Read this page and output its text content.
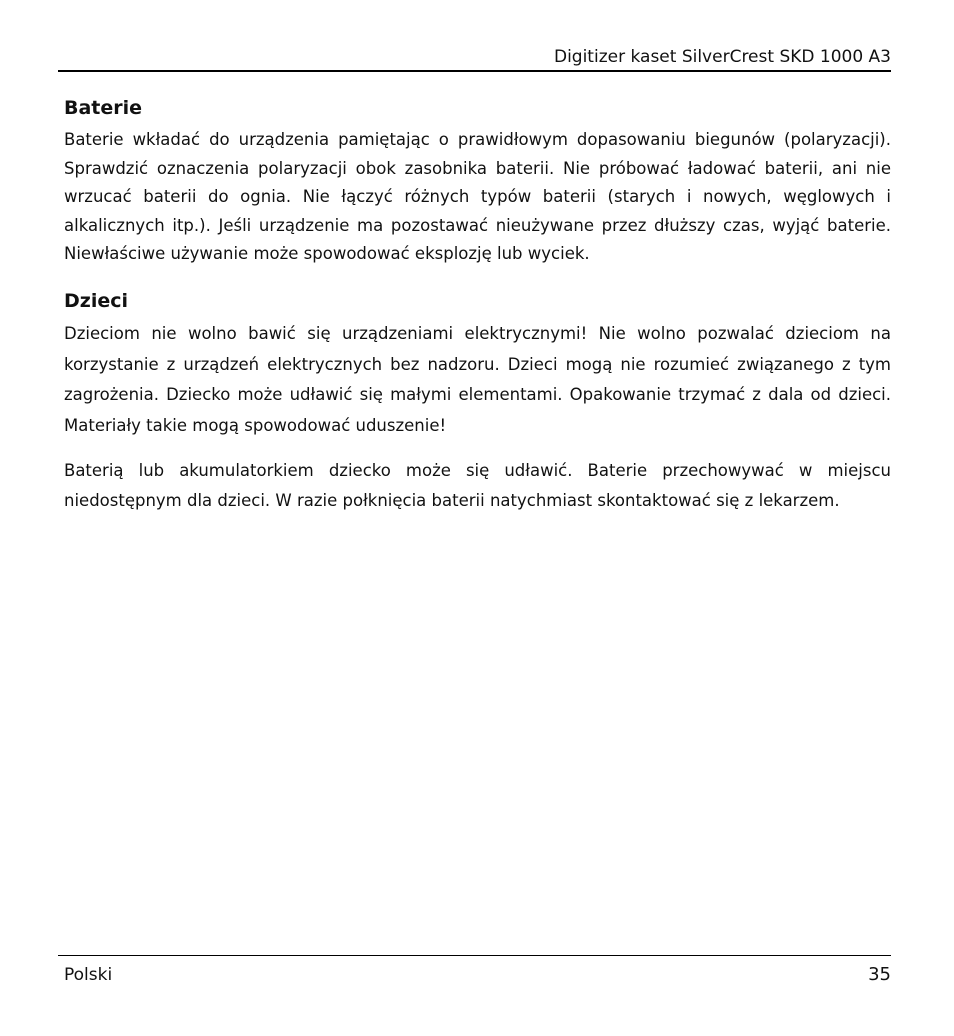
Digitizer kaset SilverCrest SKD 1000 A3
Baterie

Baterie wkładać do urządzenia pamiętając o prawidłowym dopasowaniu biegunów (polaryzacji). Sprawdzić oznaczenia polaryzacji obok zasobnika baterii. Nie próbować ładować baterii, ani nie wrzucać baterii do ognia. Nie łączyć różnych typów baterii (starych i nowych, węglowych i alkalicznych itp.). Jeśli urządzenie ma pozostawać nieużywane przez dłuższy czas, wyjąć baterie. Niewłaściwe używanie może spowodować eksplozję lub wyciek.

Dzieci

Dzieciom nie wolno bawić się urządzeniami elektrycznymi! Nie wolno pozwalać dzieciom na korzystanie z urządzeń elektrycznych bez nadzoru. Dzieci mogą nie rozumieć związanego z tym zagrożenia. Dziecko może udławić się małymi elementami. Opakowanie trzymać z dala od dzieci. Materiały takie mogą spowodować uduszenie!

Baterią lub akumulatorkiem dziecko może się udławić. Baterie przechowywać w miejscu niedostępnym dla dzieci. W razie połknięcia baterii natychmiast skontaktować się z lekarzem.

Polski	35
